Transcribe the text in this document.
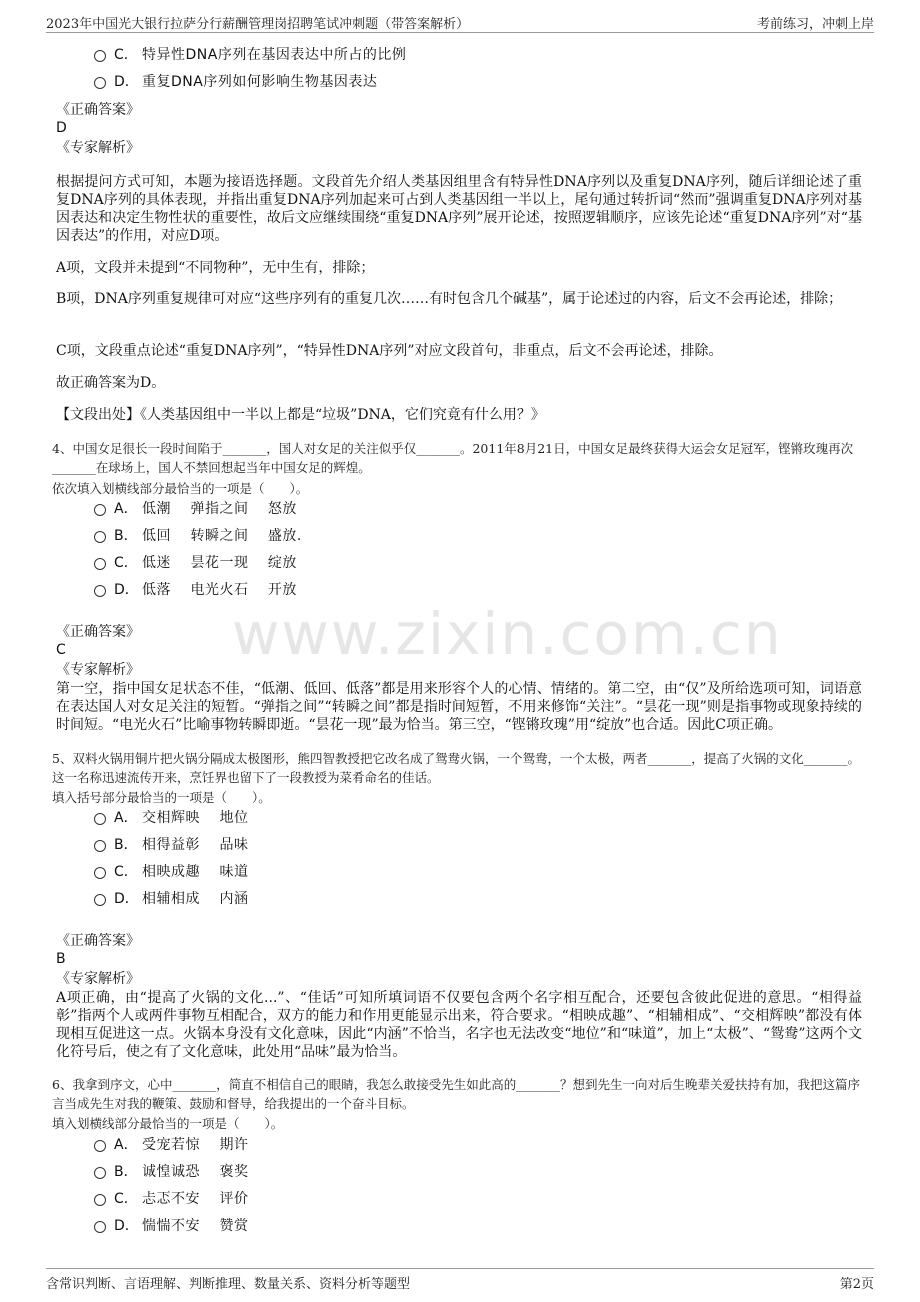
2023年中国光大银行拉萨分行薪酬管理岗招聘笔试冲刺题（带答案解析）	考前练习，冲刺上岸
www.zixin.com.cn
C． 特异性DNA序列在基因表达中所占的比例
D． 重复DNA序列如何影响生物基因表达
《正确答案》
D
《专家解析》
根据提问方式可知，本题为接语选择题。文段首先介绍人类基因组里含有特异性DNA序列以及重复DNA序列，随后详细论述了重复DNA序列的具体表现，并指出重复DNA序列加起来可占到人类基因组一半以上，尾句通过转折词“然而”强调重复DNA序列对基因表达和决定生物性状的重要性，故后文应继续围绕“重复DNA序列”展开论述，按照逻辑顺序，应该先论述“重复DNA序列”对“基因表达”的作用，对应D项。
A项，文段并未提到“不同物种”，无中生有，排除；
B项，DNA序列重复规律可对应“这些序列有的重复几次……有时包含几个碱基”，属于论述过的内容，后文不会再论述，排除；
C项，文段重点论述“重复DNA序列”，“特异性DNA序列”对应文段首句，非重点，后文不会再论述，排除。
故正确答案为D。
【文段出处】《人类基因组中一半以上都是“垃圾”DNA，它们究竟有什么用？》
4、中国女足很长一段时间陷于_______，国人对女足的关注似乎仅_______。2011年8月21日，中国女足最终获得大运会女足冠军，铿锵玫瑰再次_______在球场上，国人不禁回想起当年中国女足的辉煌。
依次填入划横线部分最恰当的一项是（　　）。
A． 低潮　 弹指之间　 怒放
B． 低回　 转瞬之间　 盛放.
C． 低迷　 昙花一现　 绽放
D． 低落　 电光火石　 开放
《正确答案》
C
《专家解析》
第一空，指中国女足状态不佳，“低潮、低回、低落”都是用来形容个人的心情、情绪的。第二空，由“仅”及所给选项可知，词语意在表达国人对女足关注的短暂。“弹指之间”“转瞬之间”都是指时间短暂，不用来修饰“关注”。“昙花一现”则是指事物或现象持续的时间短。“电光火石”比喻事物转瞬即逝。“昙花一现”最为恰当。第三空，“铿锵玫瑰”用“绽放”也合适。因此C项正确。
5、双料火锅用铜片把火锅分隔成太极图形，熊四智教授把它改名成了鸳鸯火锅，一个鸳鸯，一个太极，两者_______，提高了火锅的文化_______。这一名称迅速流传开来，烹饪界也留下了一段教授为菜肴命名的佳话。
填入括号部分最恰当的一项是（　　）。
A． 交相辉映　 地位
B． 相得益彰　 品味
C． 相映成趣　 味道
D． 相辅相成　 内涵
《正确答案》
B
《专家解析》
A项正确，由“提高了火锅的文化...”、“佳话”可知所填词语不仅要包含两个名字相互配合，还要包含彼此促进的意思。“相得益彰”指两个人或两件事物互相配合，双方的能力和作用更能显示出来，符合要求。“相映成趣”、“相辅相成”、“交相辉映”都没有体现相互促进这一点。火锅本身没有文化意味，因此“内涵”不恰当，名字也无法改变“地位”和“味道”，加上“太极”、“鸳鸯”这两个文化符号后，使之有了文化意味，此处用“品味”最为恰当。
6、我拿到序文，心中_______，简直不相信自己的眼睛，我怎么敢接受先生如此高的_______？想到先生一向对后生晚辈关爱扶持有加，我把这篇序言当成先生对我的鞭策、鼓励和督导，给我提出的一个奋斗目标。
填入划横线部分最恰当的一项是（　　）。
A． 受宠若惊　 期许
B． 诚惶诚恐　 褒奖
C． 忐忑不安　 评价
D． 惴惴不安　 赞赏
含常识判断、言语理解、判断推理、数量关系、资料分析等题型	第2页
